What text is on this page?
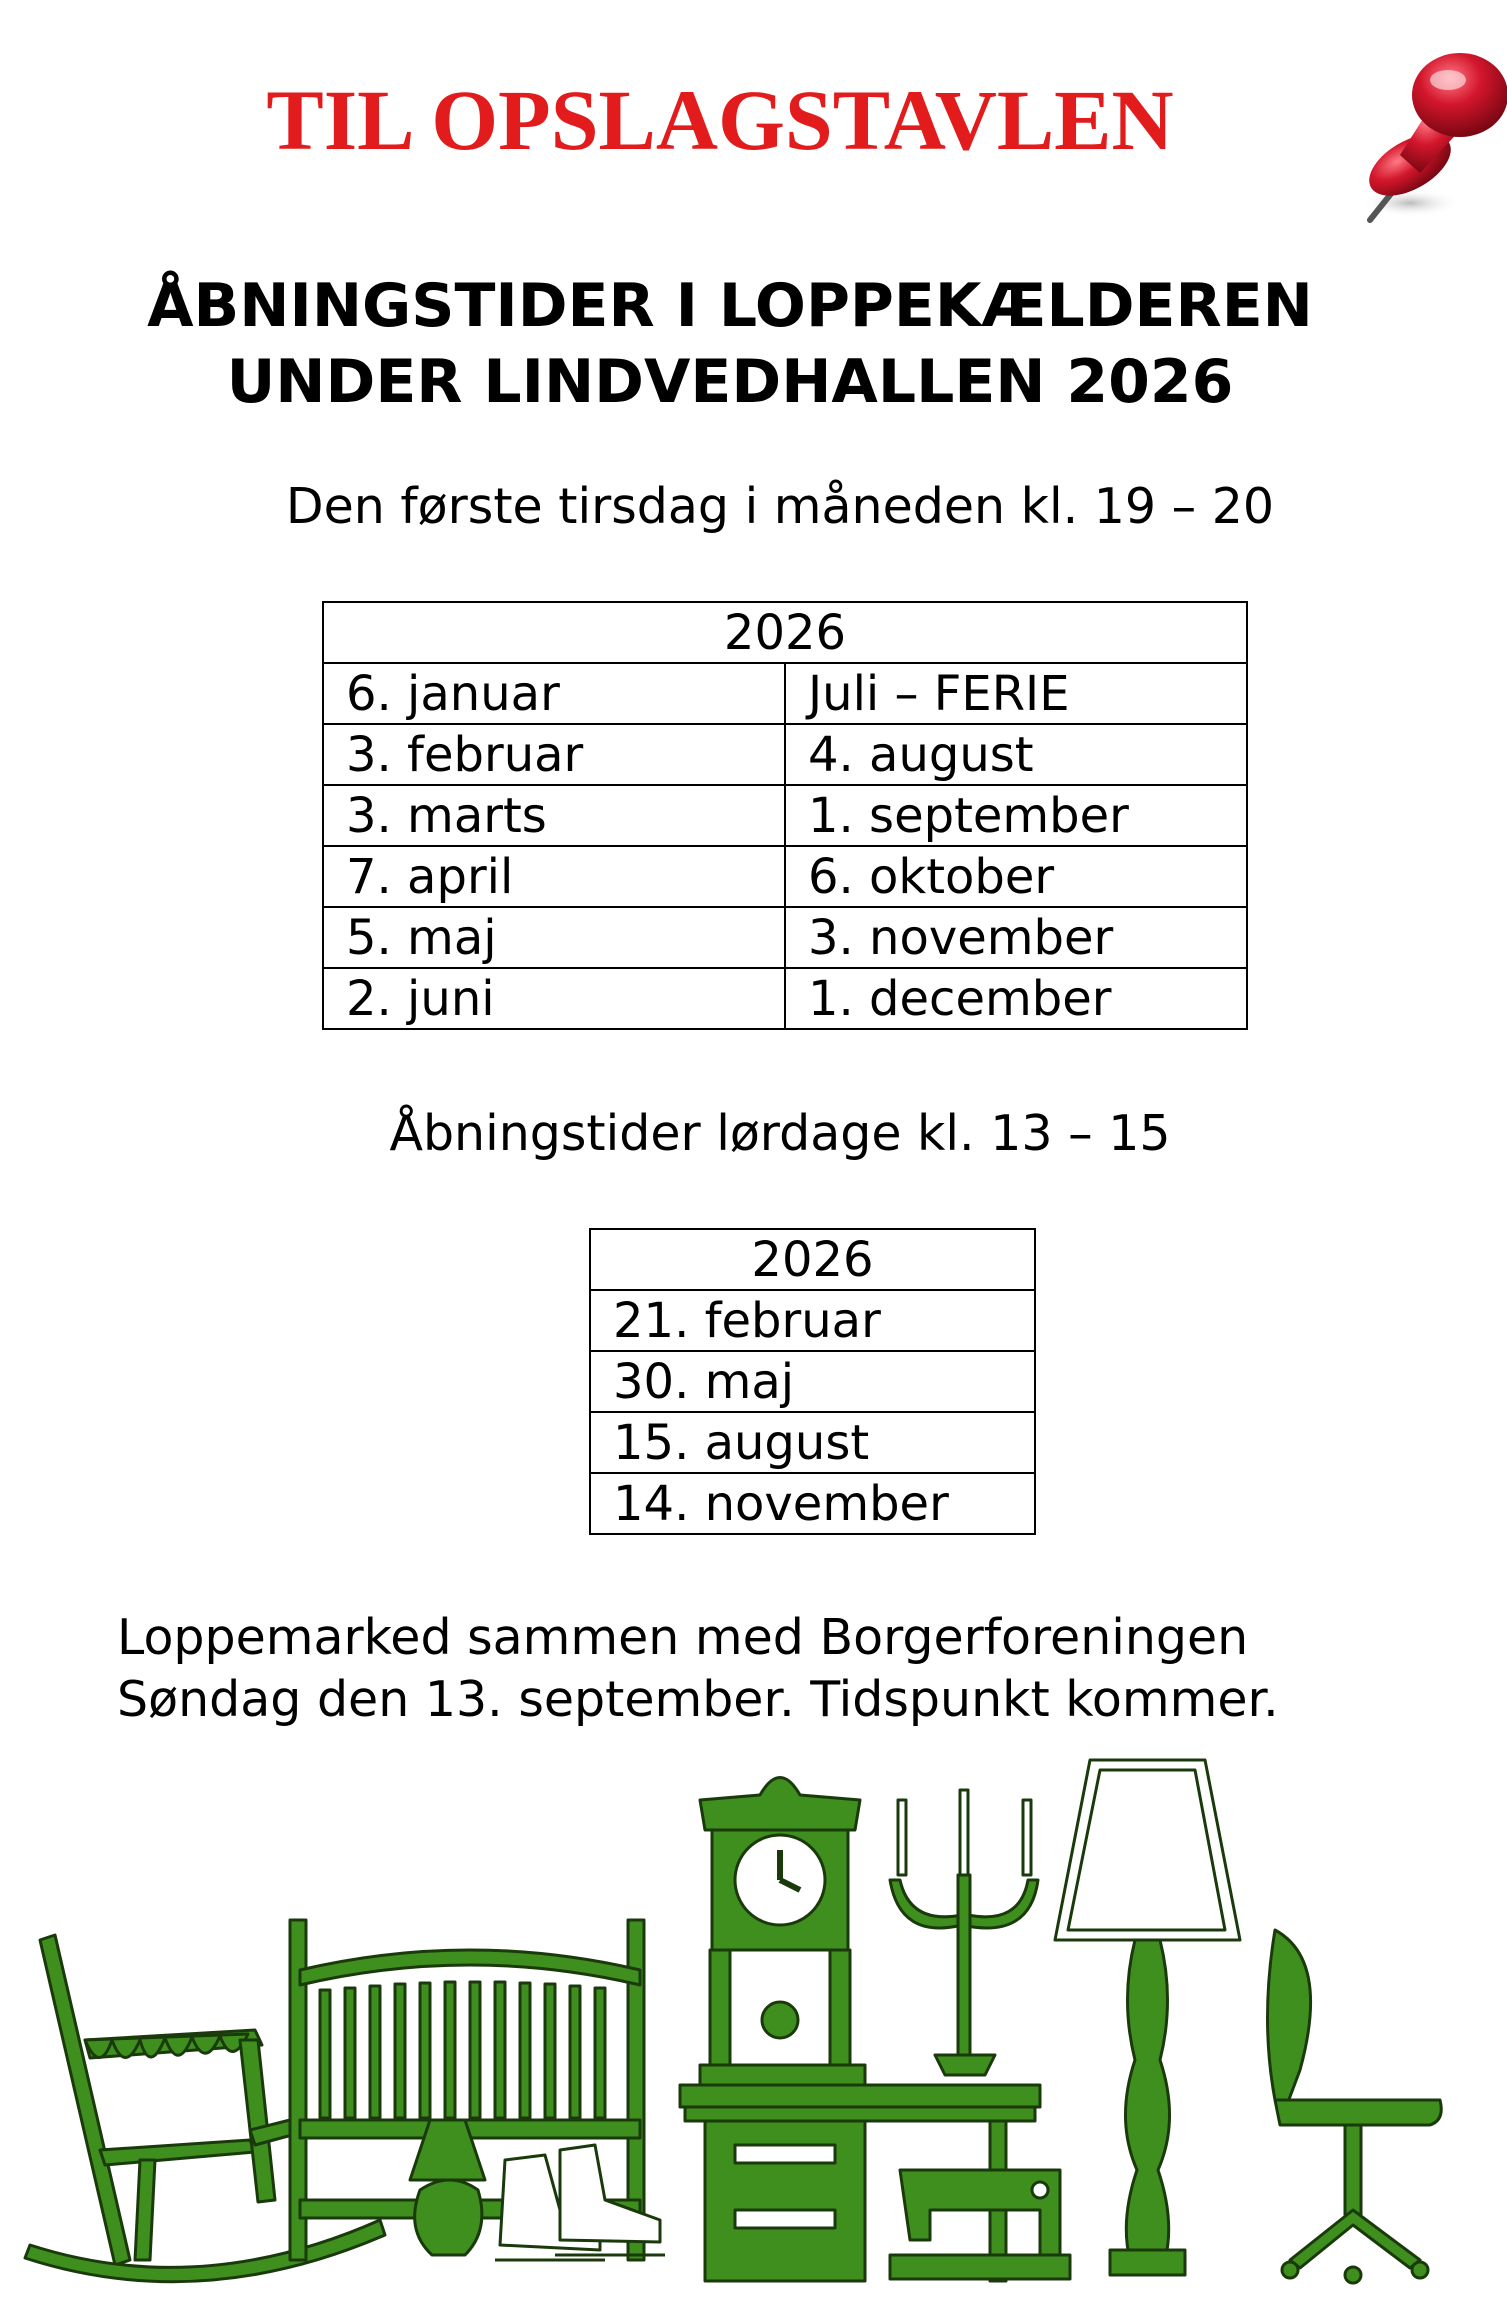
TIL OPSLAGSTAVLEN
ÅBNINGSTIDER I LOPPEKÆLDEREN
UNDER LINDVEDHALLEN 2026
Den første tirsdag i måneden kl. 19 – 20
2026	
6. januar	Juli – FERIE
3. februar	4. august
3. marts	1. september
7. april	6. oktober
5. maj	3. november
2. juni	1. december
Åbningstider lørdage kl. 13 – 15
2026
21. februar
30. maj
15. august
14. november
Loppemarked sammen med Borgerforeningen
Søndag den 13. september. Tidspunkt kommer.
